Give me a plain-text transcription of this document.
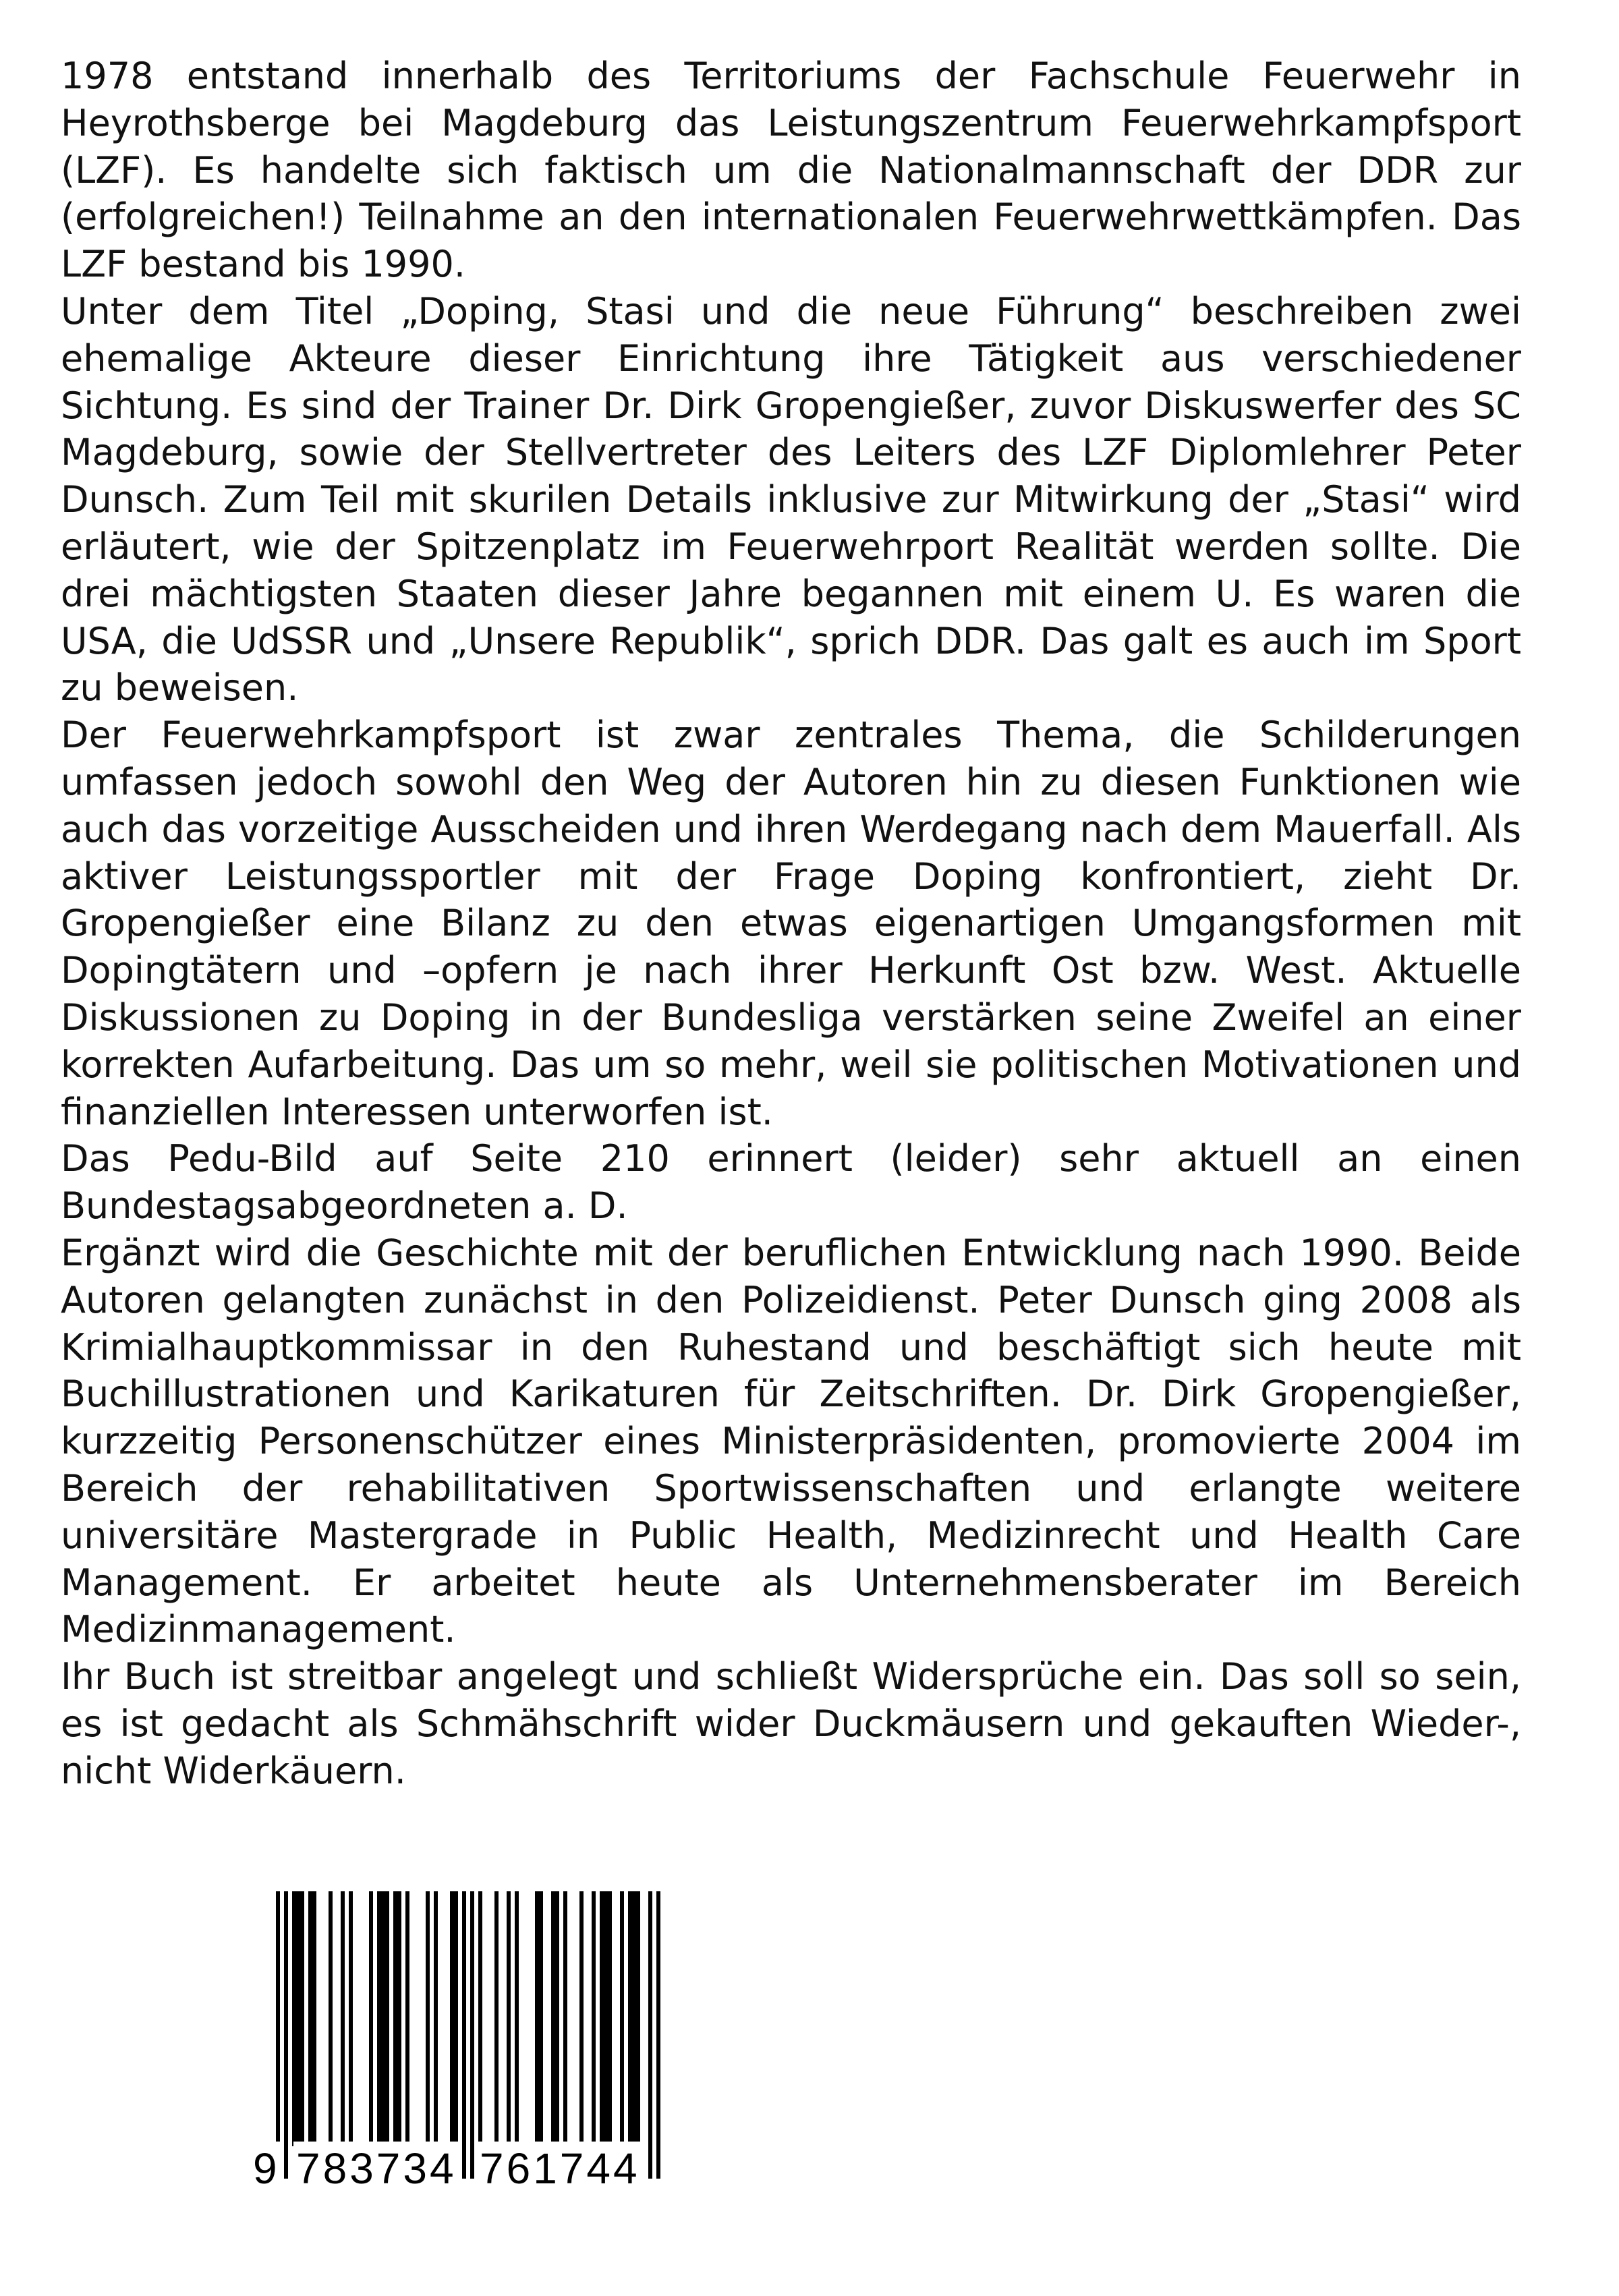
1978 entstand innerhalb des Territoriums der Fachschule Feuerwehr in Heyrothsberge bei Magdeburg das Leistungszentrum Feuerwehrkampfsport (LZF). Es handelte sich faktisch um die Nationalmannschaft der DDR zur (erfolgreichen!) Teilnahme an den internationalen Feuerwehrwettkämpfen. Das LZF bestand bis 1990.

Unter dem Titel „Doping, Stasi und die neue Führung“ beschreiben zwei ehemalige Akteure dieser Einrichtung ihre Tätigkeit aus verschiedener Sichtung. Es sind der Trainer Dr. Dirk Gropengießer, zuvor Diskuswerfer des SC Magdeburg, sowie der Stellvertreter des Leiters des LZF Diplomlehrer Peter Dunsch. Zum Teil mit skurilen Details inklusive zur Mitwirkung der „Stasi“ wird erläutert, wie der Spitzenplatz im Feuerwehrport Realität werden sollte. Die drei mächtigsten Staaten dieser Jahre begannen mit einem U. Es waren die USA, die UdSSR und „Unsere Republik“, sprich DDR. Das galt es auch im Sport zu beweisen.

Der Feuerwehrkampfsport ist zwar zentrales Thema, die Schilderungen umfassen jedoch sowohl den Weg der Autoren hin zu diesen Funktionen wie auch das vorzeitige Ausscheiden und ihren Werdegang nach dem Mauerfall. Als aktiver Leistungssportler mit der Frage Doping konfrontiert, zieht Dr. Gropengießer eine Bilanz zu den etwas eigenartigen Umgangsformen mit Dopingtätern und –opfern je nach ihrer Herkunft Ost bzw. West. Aktuelle Diskussionen zu Doping in der Bundesliga verstärken seine Zweifel an einer korrekten Aufarbeitung. Das um so mehr, weil sie politischen Motivationen und finanziellen Interessen unterworfen ist.

Das Pedu-Bild auf Seite 210 erinnert (leider) sehr aktuell an einen Bundestagsabgeordneten a. D.

Ergänzt wird die Geschichte mit der beruflichen Entwicklung nach 1990. Beide Autoren gelangten zunächst in den Polizeidienst. Peter Dunsch ging 2008 als Krimialhauptkommissar in den Ruhestand und beschäftigt sich heute mit Buchillustrationen und Karikaturen für Zeitschriften. Dr. Dirk Gropengießer, kurzzeitig Personenschützer eines Ministerpräsidenten, promovierte 2004 im Bereich der rehabilitativen Sportwissenschaften und erlangte weitere universitäre Mastergrade in Public Health, Medizinrecht und Health Care Management. Er arbeitet heute als Unternehmensberater im Bereich Medizinmanagement.

Ihr Buch ist streitbar angelegt und schließt Widersprüche ein. Das soll so sein, es ist gedacht als Schmähschrift wider Duckmäusern und gekauften Wieder-, nicht Widerkäuern.

9 783734 761744
